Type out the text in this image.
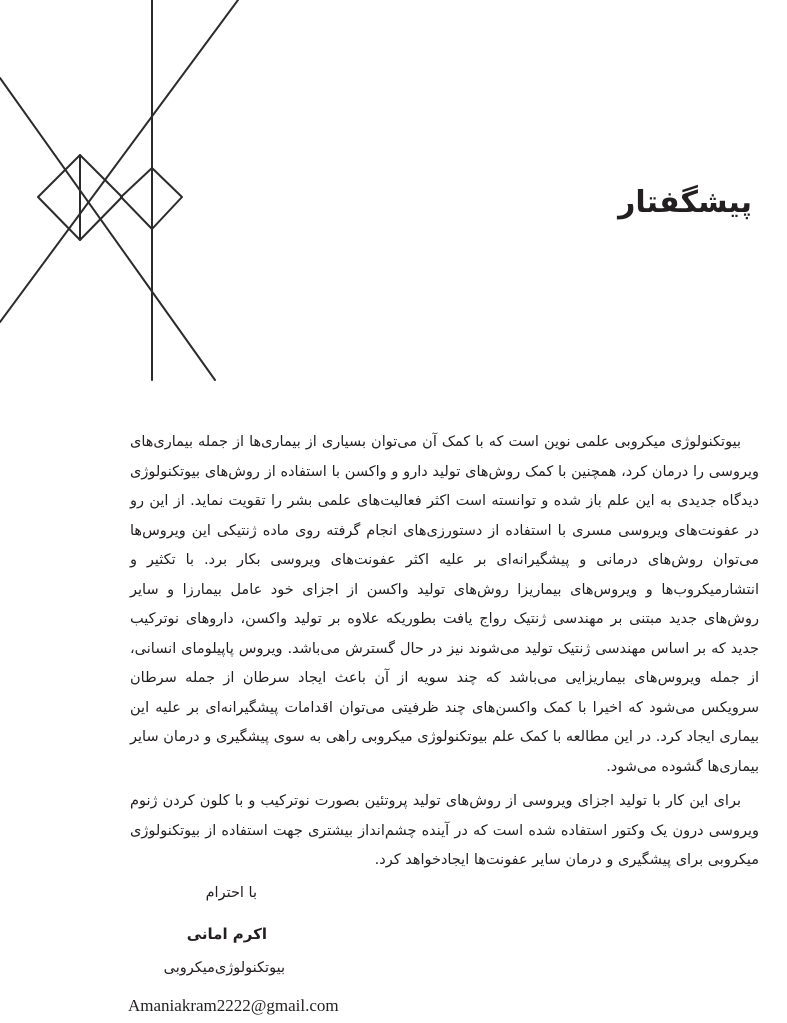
پیشگفتار

بیوتکنولوژی میکروبی علمی نوین است که با کمک آن می‌توان بسیاری از بیماری‌ها از جمله بیماری‌های ویروسی را درمان کرد، همچنین با کمک روش‌های تولید دارو و واکسن با استفاده از روش‌های بیوتکنولوژی دیدگاه جدیدی به این علم باز شده و توانسته است اکثر فعالیت‌های علمی بشر را تقویت نماید. از این رو در عفونت‌های ویروسی مسری با استفاده از دستورزی‌های انجام گرفته روی ماده ژنتیکی این ویروس‌ها می‌توان روش‌های درمانی و پیشگیرانه‌ای بر علیه اکثر عفونت‌های ویروسی بکار برد. با تکثیر و انتشارمیکروب‌ها و ویروس‌های بیماریزا روش‌های تولید واکسن از اجزای خود عامل بیمارزا و سایر روش‌های جدید مبتنی بر مهندسی ژنتیک رواج یافت بطوریکه علاوه بر تولید واکسن، داروهای نوترکیب جدید که بر اساس مهندسی ژنتیک تولید می‌شوند نیز در حال گسترش می‌باشد. ویروس پاپیلومای انسانی، از جمله ویروس‌های بیماریزایی می‌باشد که چند سویه از آن باعث ایجاد سرطان از جمله سرطان سرویکس می‌شود که اخیرا با کمک واکسن‌های چند ظرفیتی می‌توان اقدامات پیشگیرانه‌ای بر علیه این بیماری ایجاد کرد. در این مطالعه با کمک علم بیوتکنولوژی میکروبی راهی به سوی پیشگیری و درمان سایر بیماری‌ها گشوده می‌شود.

برای این کار با تولید اجزای ویروسی از روش‌های تولید پروتئین بصورت نوترکیب و با کلون کردن ژنوم ویروسی درون یک وکتور استفاده شده است که در آینده چشم‌انداز بیشتری جهت استفاده از بیوتکنولوژی میکروبی برای پیشگیری و درمان سایر عفونت‌ها ایجادخواهد کرد.

با احترام
اکرم امانی
بیوتکنولوژی‌میکروبی
Amaniakram2222@gmail.com
